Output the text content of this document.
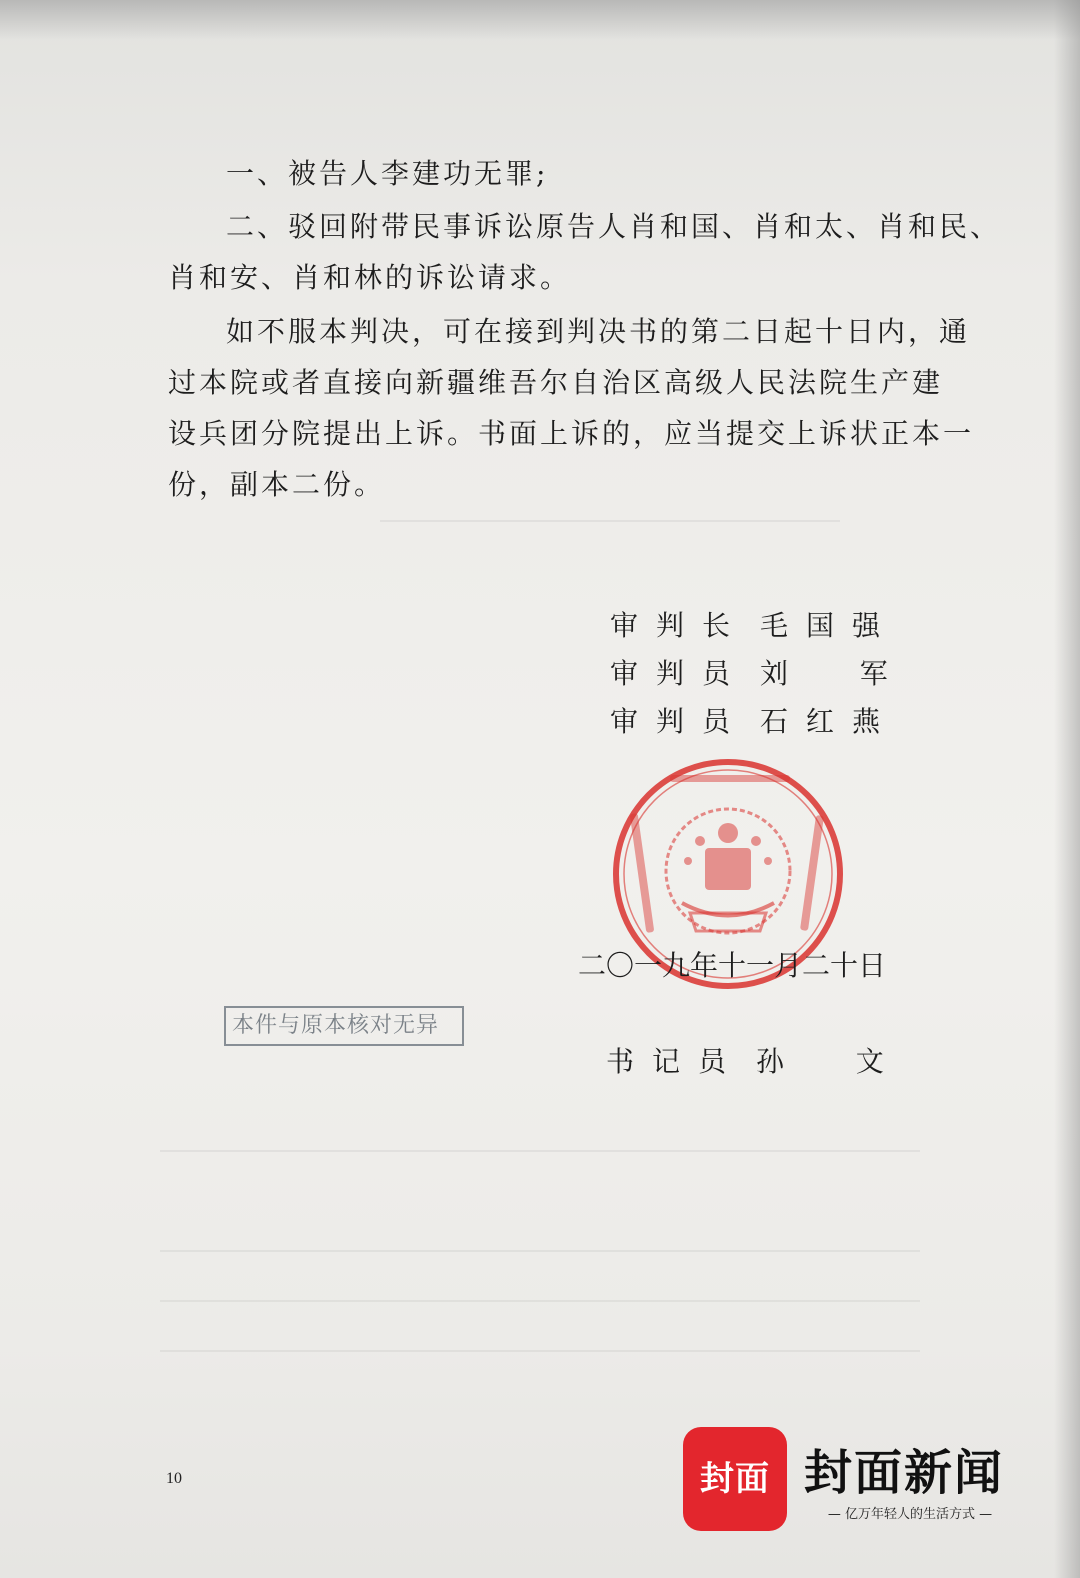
一、被告人李建功无罪;
二、驳回附带民事诉讼原告人肖和国、肖和太、肖和民、
肖和安、肖和林的诉讼请求。
如不服本判决，可在接到判决书的第二日起十日内，通
过本院或者直接向新疆维吾尔自治区高级人民法院生产建
设兵团分院提出上诉。书面上诉的，应当提交上诉状正本一
份，副本二份。
审判长 毛国强
审判员 刘  军
审判员 石红燕
二〇一九年十一月二十日
本件与原本核对无异
书记员 孙  文
10	封面 封面新闻
— 亿万年轻人的生活方式 —
